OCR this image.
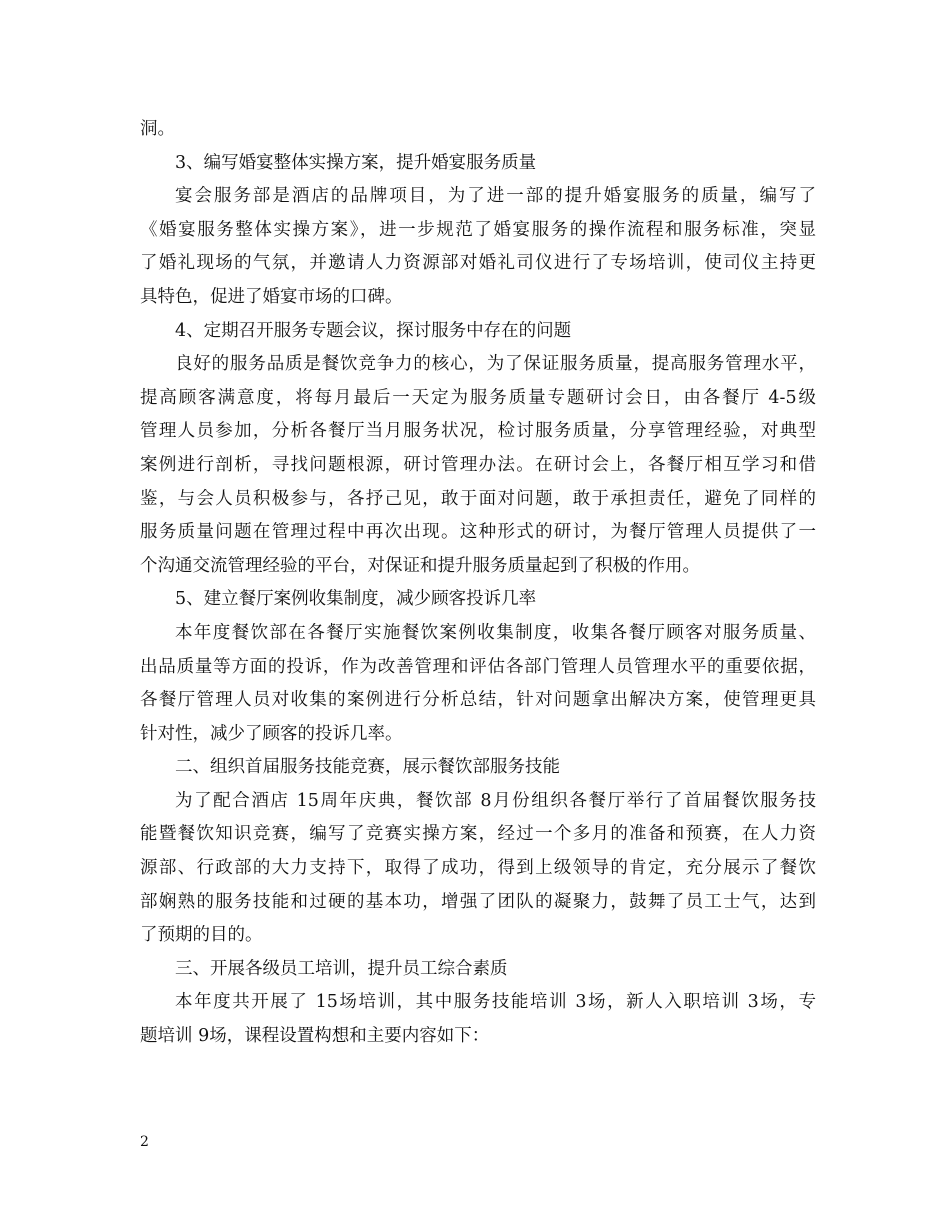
洞。
3、编写婚宴整体实操方案，提升婚宴服务质量
宴会服务部是酒店的品牌项目，为了进一部的提升婚宴服务的质量，编写了
《婚宴服务整体实操方案》，进一步规范了婚宴服务的操作流程和服务标准，突显
了婚礼现场的气氛，并邀请人力资源部对婚礼司仪进行了专场培训，使司仪主持更
具特色，促进了婚宴市场的口碑。
4、定期召开服务专题会议，探讨服务中存在的问题
良好的服务品质是餐饮竞争力的核心，为了保证服务质量，提高服务管理水平，
提高顾客满意度，将每月最后一天定为服务质量专题研讨会日，由各餐厅 4-5级
管理人员参加，分析各餐厅当月服务状况，检讨服务质量，分享管理经验，对典型
案例进行剖析，寻找问题根源，研讨管理办法。在研讨会上，各餐厅相互学习和借
鉴，与会人员积极参与，各抒己见，敢于面对问题，敢于承担责任，避免了同样的
服务质量问题在管理过程中再次出现。这种形式的研讨，为餐厅管理人员提供了一
个沟通交流管理经验的平台，对保证和提升服务质量起到了积极的作用。
5、建立餐厅案例收集制度，减少顾客投诉几率
本年度餐饮部在各餐厅实施餐饮案例收集制度，收集各餐厅顾客对服务质量、
出品质量等方面的投诉，作为改善管理和评估各部门管理人员管理水平的重要依据，
各餐厅管理人员对收集的案例进行分析总结，针对问题拿出解决方案，使管理更具
针对性，减少了顾客的投诉几率。
二、组织首届服务技能竞赛，展示餐饮部服务技能
为了配合酒店 15周年庆典，餐饮部 8月份组织各餐厅举行了首届餐饮服务技
能暨餐饮知识竞赛，编写了竞赛实操方案，经过一个多月的准备和预赛，在人力资
源部、行政部的大力支持下，取得了成功，得到上级领导的肯定，充分展示了餐饮
部娴熟的服务技能和过硬的基本功，增强了团队的凝聚力，鼓舞了员工士气，达到
了预期的目的。
三、开展各级员工培训，提升员工综合素质
本年度共开展了 15场培训，其中服务技能培训 3场，新人入职培训 3场，专
题培训 9场，课程设置构想和主要内容如下：
2
